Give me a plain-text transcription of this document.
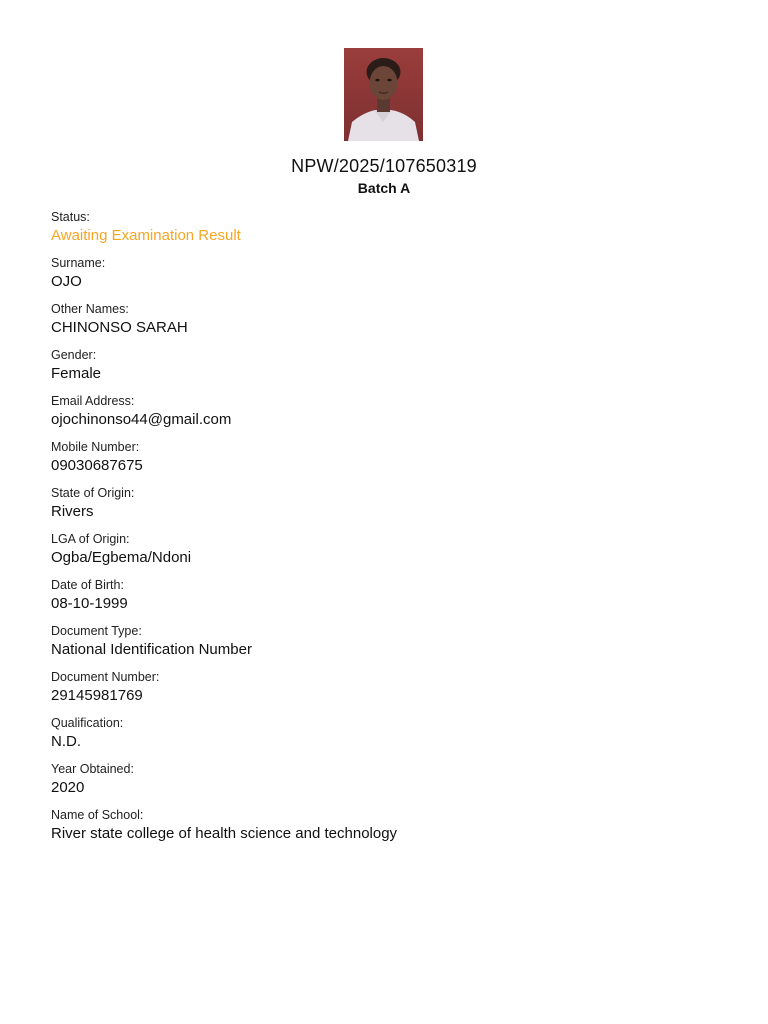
NPW/2025/107650319
Batch A
Status:
Awaiting Examination Result
Surname:
OJO
Other Names:
CHINONSO SARAH
Gender:
Female
Email Address:
ojochinonso44@gmail.com
Mobile Number:
09030687675
State of Origin:
Rivers
LGA of Origin:
Ogba/Egbema/Ndoni
Date of Birth:
08-10-1999
Document Type:
National Identification Number
Document Number:
29145981769
Qualification:
N.D.
Year Obtained:
2020
Name of School:
River state college of health science and technology
